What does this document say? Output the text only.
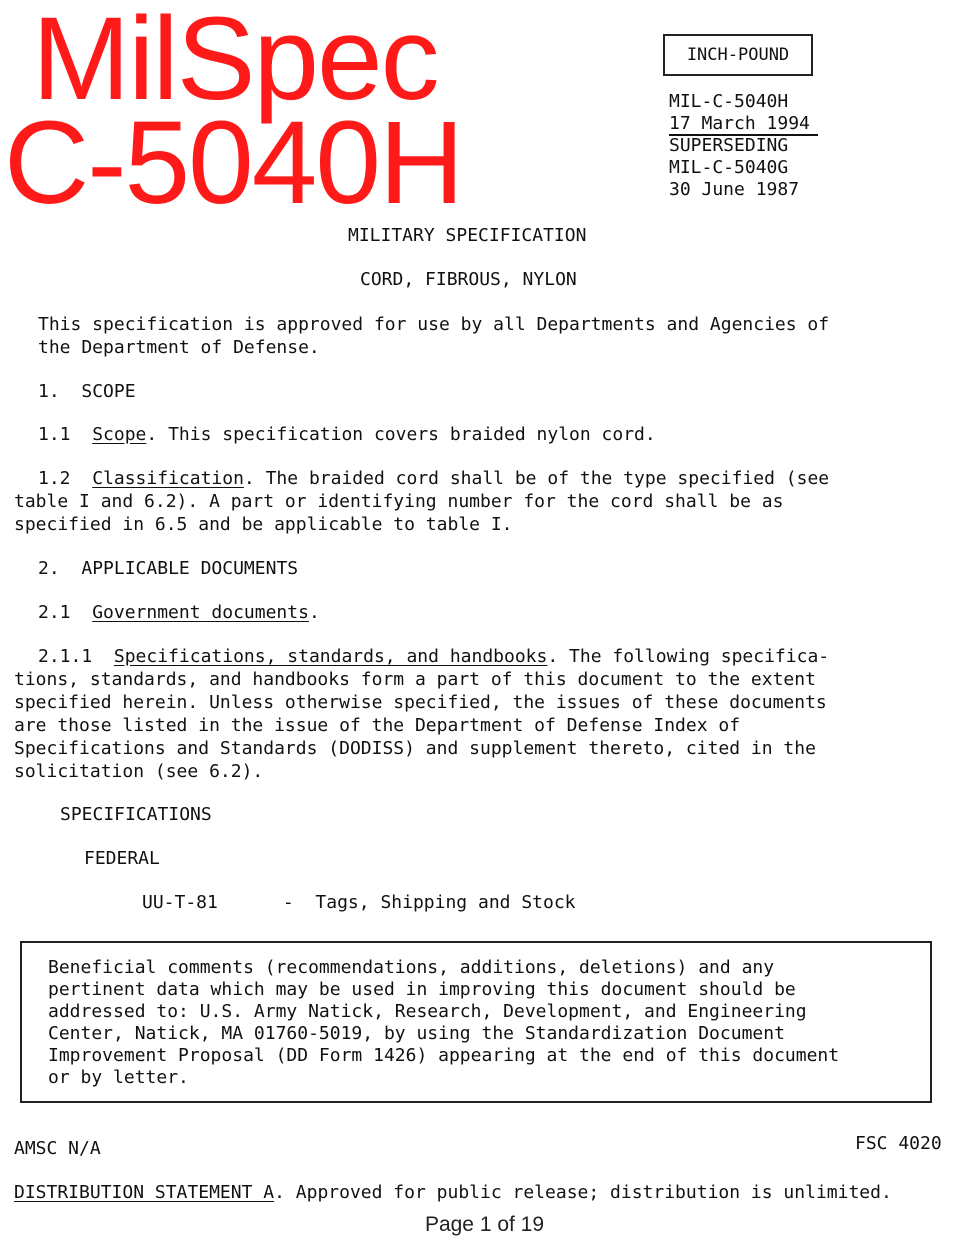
MilSpec
C-5040H
INCH-POUND
MIL-C-5040H
17 March 1994
SUPERSEDING
MIL-C-5040G
30 June 1987
MILITARY SPECIFICATION
CORD, FIBROUS, NYLON
This specification is approved for use by all Departments and Agencies of
the Department of Defense.
1. SCOPE
1.1 Scope. This specification covers braided nylon cord.
1.2 Classification. The braided cord shall be of the type specified (see
table I and 6.2). A part or identifying number for the cord shall be as
specified in 6.5 and be applicable to table I.
2. APPLICABLE DOCUMENTS
2.1 Government documents.
2.1.1 Specifications, standards, and handbooks. The following specifica-
tions, standards, and handbooks form a part of this document to the extent
specified herein. Unless otherwise specified, the issues of these documents
are those listed in the issue of the Department of Defense Index of
Specifications and Standards (DODISS) and supplement thereto, cited in the
solicitation (see 6.2).
SPECIFICATIONS
FEDERAL
UU-T-81	- Tags, Shipping and Stock
Beneficial comments (recommendations, additions, deletions) and any
pertinent data which may be used in improving this document should be
addressed to: U.S. Army Natick, Research, Development, and Engineering
Center, Natick, MA 01760-5019, by using the Standardization Document
Improvement Proposal (DD Form 1426) appearing at the end of this document
or by letter.
AMSC N/A	FSC 4020
DISTRIBUTION STATEMENT A. Approved for public release; distribution is unlimited.
Page 1 of 19
